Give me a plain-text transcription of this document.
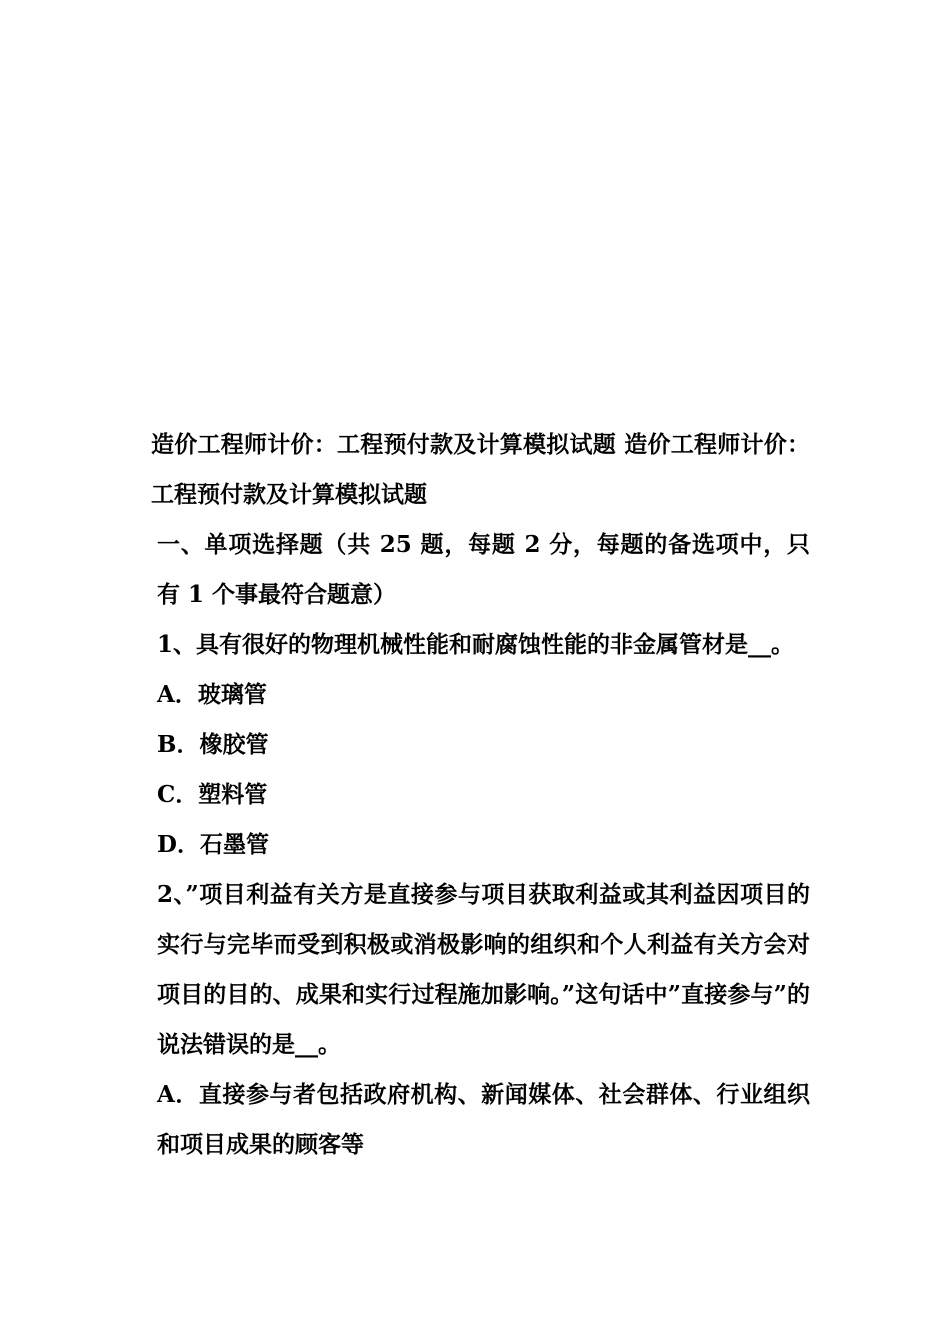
造价工程师计价：工程预付款及计算模拟试题 造价工程师计价：工程预付款及计算模拟试题

一、单项选择题（共 25 题，每题 2 分，每题的备选项中，只有 1 个事最符合题意）

1、具有很好的物理机械性能和耐腐蚀性能的非金属管材是__。

A．玻璃管

B．橡胶管

C．塑料管

D．石墨管

2、”项目利益有关方是直接参与项目获取利益或其利益因项目的实行与完毕而受到积极或消极影响的组织和个人利益有关方会对项目的目的、成果和实行过程施加影响。”这句话中”直接参与”的说法错误的是__。

A．直接参与者包括政府机构、新闻媒体、社会群体、行业组织和项目成果的顾客等
